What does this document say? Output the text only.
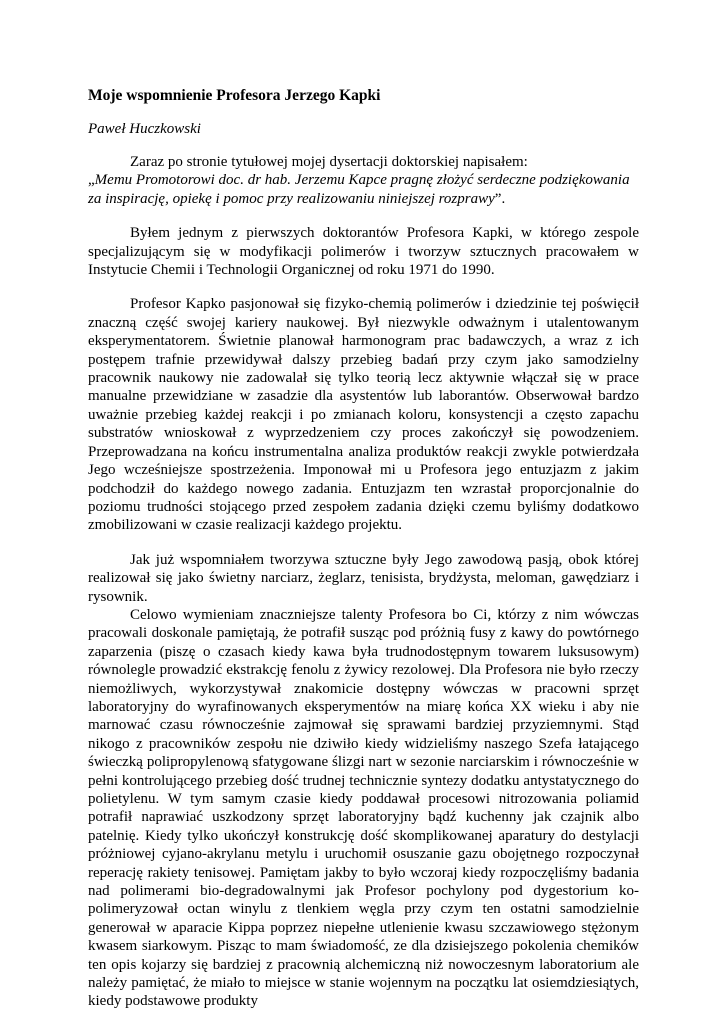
Moje wspomnienie Profesora Jerzego Kapki
Paweł Huczkowski
Zaraz po stronie tytułowej mojej dysertacji doktorskiej napisałem:
„Memu Promotorowi doc. dr hab. Jerzemu Kapce pragnę złożyć serdeczne podziękowania za inspirację, opiekę i pomoc przy realizowaniu niniejszej rozprawy”.

Byłem jednym z pierwszych doktorantów Profesora Kapki, w którego zespole specjalizującym się w modyfikacji polimerów i tworzyw sztucznych pracowałem w Instytucie Chemii i Technologii Organicznej od roku 1971 do 1990.

Profesor Kapko pasjonował się fizyko-chemią polimerów i dziedzinie tej poświęcił znaczną część swojej kariery naukowej. Był niezwykle odważnym i utalentowanym eksperymentatorem. Świetnie planował harmonogram prac badawczych, a wraz z ich postępem trafnie przewidywał dalszy przebieg badań przy czym jako samodzielny pracownik naukowy nie zadowalał się tylko teorią lecz aktywnie włączał się w prace manualne przewidziane w zasadzie dla asystentów lub laborantów. Obserwował bardzo uważnie przebieg każdej reakcji i po zmianach koloru, konsystencji a często zapachu substratów wnioskował z wyprzedzeniem czy proces zakończył się powodzeniem. Przeprowadzana na końcu instrumentalna analiza produktów reakcji zwykle potwierdzała Jego wcześniejsze spostrzeżenia. Imponował mi u Profesora jego entuzjazm z jakim podchodził do każdego nowego zadania. Entuzjazm ten wzrastał proporcjonalnie do poziomu trudności stojącego przed zespołem zadania dzięki czemu byliśmy dodatkowo zmobilizowani w czasie realizacji każdego projektu.

Jak już wspomniałem tworzywa sztuczne były Jego zawodową pasją, obok której realizował się jako świetny narciarz, żeglarz, tenisista, brydżysta, meloman, gawędziarz i rysownik.

Celowo wymieniam znaczniejsze talenty Profesora bo Ci, którzy z nim wówczas pracowali doskonale pamiętają, że potrafił susząc pod próżnią fusy z kawy do powtórnego zaparzenia (piszę o czasach kiedy kawa była trudnodostępnym towarem luksusowym) równolegle prowadzić ekstrakcję fenolu z żywicy rezolowej. Dla Profesora nie było rzeczy niemożliwych, wykorzystywał znakomicie dostępny wówczas w pracowni sprzęt laboratoryjny do wyrafinowanych eksperymentów na miarę końca XX wieku i aby nie marnować czasu równocześnie zajmował się sprawami bardziej przyziemnymi. Stąd nikogo z pracowników zespołu nie dziwiło kiedy widzieliśmy naszego Szefa łatającego świeczką polipropylenową sfatygowane ślizgi nart w sezonie narciarskim i równocześnie w pełni kontrolującego przebieg dość trudnej technicznie syntezy dodatku antystatycznego do polietylenu. W tym samym czasie kiedy poddawał procesowi nitrozowania poliamid potrafił naprawiać uszkodzony sprzęt laboratoryjny bądź kuchenny jak czajnik albo patelnię. Kiedy tylko ukończył konstrukcję dość skomplikowanej aparatury do destylacji próżniowej cyjano-akrylanu metylu i uruchomił osuszanie gazu obojętnego rozpoczynał reperację rakiety tenisowej. Pamiętam jakby to było wczoraj kiedy rozpoczęliśmy badania nad polimerami bio-degradowalnymi jak Profesor pochylony pod dygestorium ko-polimeryzował octan winylu z tlenkiem węgla przy czym ten ostatni samodzielnie generował w aparacie Kippa poprzez niepełne utlenienie kwasu szczawiowego stężonym kwasem siarkowym. Pisząc to mam świadomość, ze dla dzisiejszego pokolenia chemików ten opis kojarzy się bardziej z pracownią alchemiczną niż nowoczesnym laboratorium ale należy pamiętać, że miało to miejsce w stanie wojennym na początku lat osiemdziesiątych, kiedy podstawowe produkty
